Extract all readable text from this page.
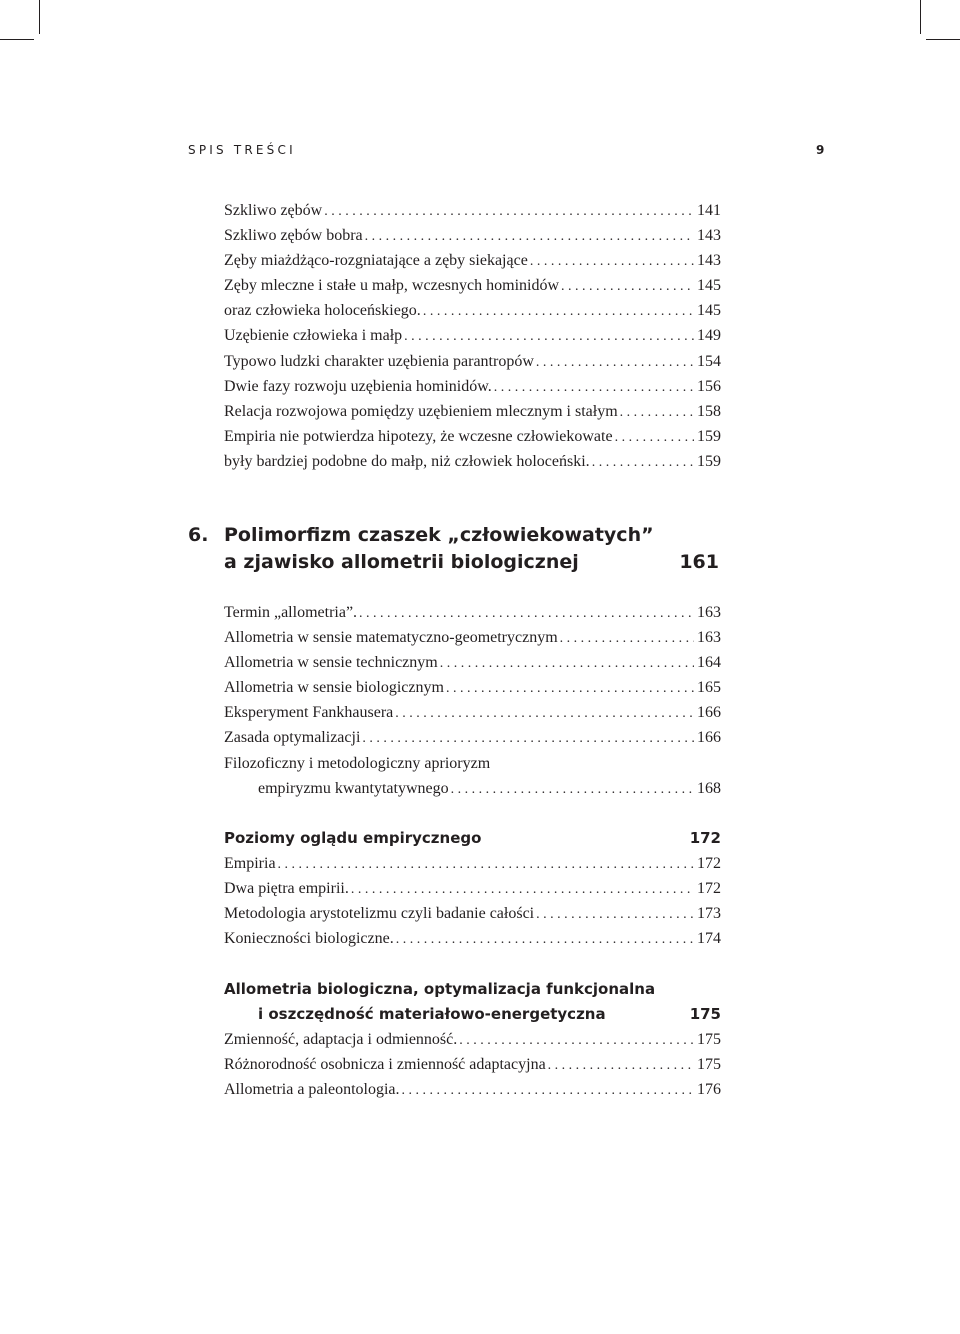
SPIS TREŚCI	9
Szkliwo zębów . . .	141
Szkliwo zębów bobra . . .	143
Zęby miażdżąco-rozgniatające a zęby siekające . . .	143
Zęby mleczne i stałe u małp, wczesnych hominidów . . .	145
oraz człowieka holoceńskiego. . . .	145
Uzębienie człowieka i małp . . .	149
Typowo ludzki charakter uzębienia parantropów . . .	154
Dwie fazy rozwoju uzębienia hominidów. . . .	156
Relacja rozwojowa pomiędzy uzębieniem mlecznym i stałym . . .	158
Empiria nie potwierdza hipotezy, że wczesne człowiekowate . . .	159
były bardziej podobne do małp, niż człowiek holoceński. . . .	159
6. Polimorfizm czaszek „człowiekowatych”
a zjawisko allometrii biologicznej	161
Termin „allometria”. . . .	163
Allometria w sensie matematyczno-geometrycznym . . .	163
Allometria w sensie technicznym . . .	164
Allometria w sensie biologicznym . . .	165
Eksperyment Fankhausera . . .	166
Zasada optymalizacji . . .	166
Filozoficzny i metodologiczny aprioryzm
empiryzmu kwantytatywnego . . .	168
Poziomy oglądu empirycznego	172
Empiria . . .	172
Dwa piętra empirii. . . .	172
Metodologia arystotelizmu czyli badanie całości . . .	173
Konieczności biologiczne. . . .	174
Allometria biologiczna, optymalizacja funkcjonalna
i oszczędność materiałowo-energetyczna	175
Zmienność, adaptacja i odmienność. . . .	175
Różnorodność osobnicza i zmienność adaptacyjna . . .	175
Allometria a paleontologia. . . .	176
